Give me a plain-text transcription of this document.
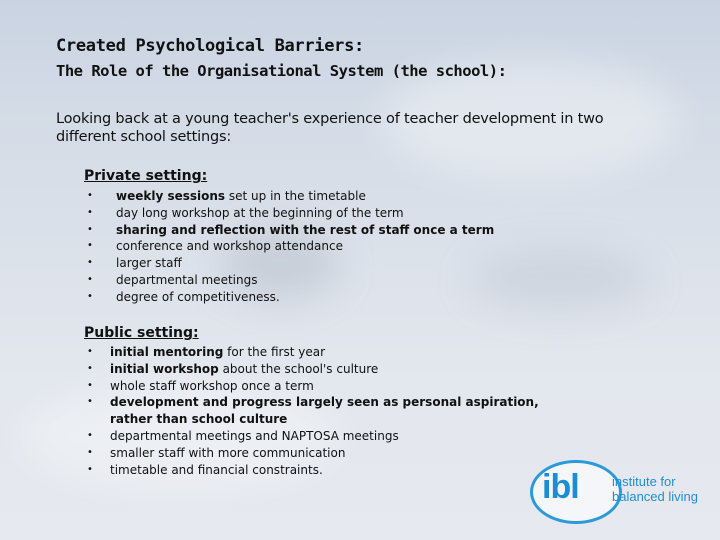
Created Psychological Barriers:
The Role of the Organisational System (the school):

Looking back at a young teacher's experience of teacher development in two different school settings:

Private setting:
• weekly sessions set up in the timetable
• day long workshop at the beginning of the term
• sharing and reflection with the rest of staff once a term
• conference and workshop attendance
• larger staff
• departmental meetings
• degree of competitiveness.
Public setting:
• initial mentoring for the first year
• initial workshop about the school's culture
• whole staff workshop once a term
• development and progress largely seen as personal aspiration, rather than school culture
• departmental meetings and NAPTOSA meetings
• smaller staff with more communication
• timetable and financial constraints.	ibl	institute for
balanced living
